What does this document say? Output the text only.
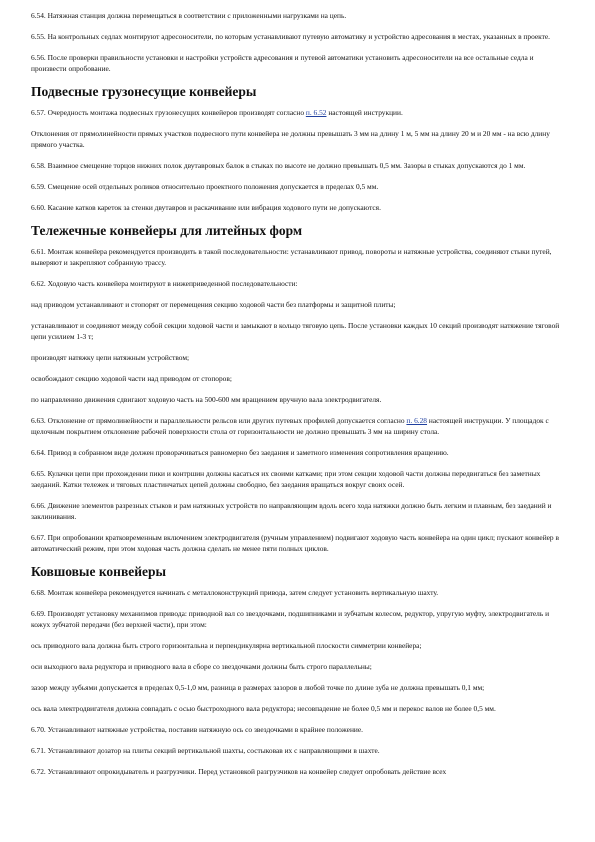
6.54. Натяжная станция должна перемещаться в соответствии с приложенными нагрузками на цепь.

6.55. На контрольных седлах монтируют адресоносители, по которым устанавливают путевую автоматику и устройство адресования в местах, указанных в проекте.

6.56. После проверки правильности установки и настройки устройств адресования и путевой автоматики установить адресоносители на все остальные седла и произвести опробование.

Подвесные грузонесущие конвейеры

6.57. Очередность монтажа подвесных грузонесущих конвейеров производят согласно п. 6.52 настоящей инструкции.

Отклонения от прямолинейности прямых участков подвесного пути конвейера не должны превышать 3 мм на длину 1 м, 5 мм на длину 20 м и 20 мм - на всю длину прямого участка.

6.58. Взаимное смещение торцов нижних полок двутавровых балок в стыках по высоте не должно превышать 0,5 мм. Зазоры в стыках допускаются до 1 мм.

6.59. Смещение осей отдельных роликов относительно проектного положения допускается в пределах 0,5 мм.

6.60. Касание катков кареток за стенки двутавров и раскачивание или вибрация ходового пути не допускаются.

Тележечные конвейеры для литейных форм

6.61. Монтаж конвейера рекомендуется производить в такой последовательности: устанавливают привод, повороты и натяжные устройства, соединяют стыки путей, выверяют и закрепляют собранную трассу.

6.62. Ходовую часть конвейера монтируют в нижеприведенной последовательности:

над приводом устанавливают и стопорят от перемещения секцию ходовой части без платформы и защитной плиты;

устанавливают и соединяют между собой секции ходовой части и замыкают в кольцо тяговую цепь. После установки каждых 10 секций производят натяжение тяговой цепи усилием 1-3 т;

производят натяжку цепи натяжным устройством;

освобождают секцию ходовой части над приводом от стопоров;

по направлению движения сдвигают ходовую часть на 500-600 мм вращением вручную вала электродвигателя.

6.63. Отклонение от прямолинейности и параллельности рельсов или других путевых профилей допускается согласно п. 6.28 настоящей инструкции. У площадок с щелочным покрытием отклонение рабочей поверхности стола от горизонтальности не должно превышать 3 мм на ширину стола.

6.64. Привод в собранном виде должен проворачиваться равномерно без заедания и заметного изменения сопротивления вращению.

6.65. Кулачки цепи при прохождении пики и контршин должны касаться их своими катками; при этом секции ходовой части должны передвигаться без заметных заеданий. Катки тележек и тяговых пластинчатых цепей должны свободно, без заедания вращаться вокруг своих осей.

6.66. Движение элементов разрезных стыков и рам натяжных устройств по направляющим вдоль всего хода натяжки должно быть легким и плавным, без заеданий и заклинивания.

6.67. При опробовании кратковременным включением электродвигателя (ручным управлением) подвигают ходовую часть конвейера на один цикл; пускают конвейер в автоматический режим, при этом ходовая часть должна сделать не менее пяти полных циклов.

Ковшовые конвейеры

6.68. Монтаж конвейера рекомендуется начинать с металлоконструкций привода, затем следует установить вертикальную шахту.

6.69. Производят установку механизмов привода: приводной вал со звездочками, подшипниками и зубчатым колесом, редуктор, упругую муфту, электродвигатель и кожух зубчатой передачи (без верхней части), при этом:

ось приводного вала должна быть строго горизонтальна и перпендикулярна вертикальной плоскости симметрии конвейера;

оси выходного вала редуктора и приводного вала в сборе со звездочками должны быть строго параллельны;

зазор между зубьями допускается в пределах 0,5-1,0 мм, разница в размерах зазоров в любой точке по длине зуба не должна превышать 0,1 мм;

ось вала электродвигателя должна совпадать с осью быстроходного вала редуктора; несовпадение не более 0,5 мм и перекос валов не более 0,5 мм.

6.70. Устанавливают натяжные устройства, поставив натяжную ось со звездочками в крайнее положение.

6.71. Устанавливают дозатор на плиты секций вертикальной шахты, состыковав их с направляющими в шахте.

6.72. Устанавливают опрокидыватель и разгрузчики. Перед установкой разгрузчиков на конвейер следует опробовать действие всех
